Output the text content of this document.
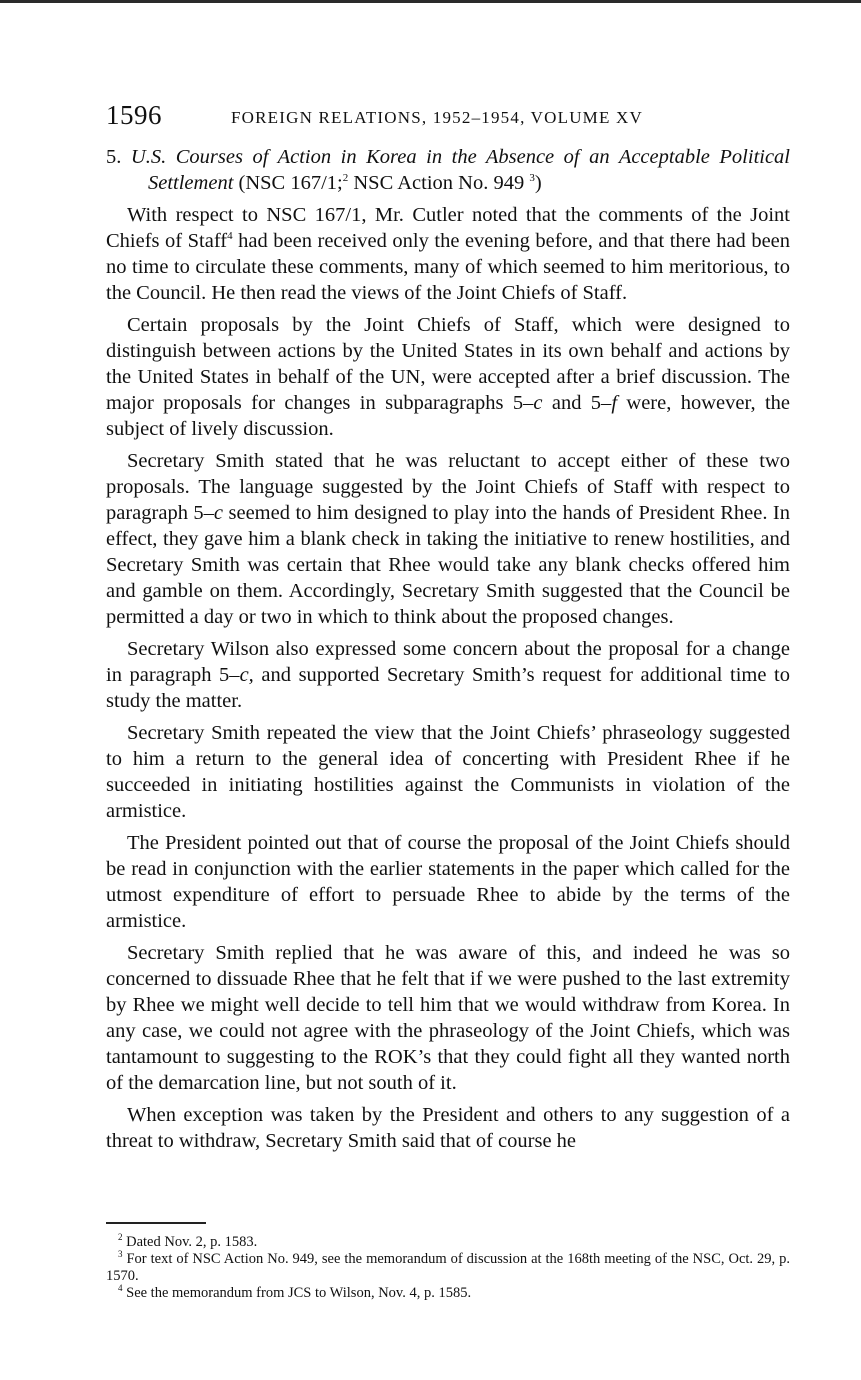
1596	FOREIGN RELATIONS, 1952–1954, VOLUME XV
5. U.S. Courses of Action in Korea in the Absence of an Acceptable Political Settlement (NSC 167/1;$^2$ NSC Action No. 949 $^3$)

With respect to NSC 167/1, Mr. Cutler noted that the comments of the Joint Chiefs of Staff$^4$ had been received only the evening before, and that there had been no time to circulate these comments, many of which seemed to him meritorious, to the Council. He then read the views of the Joint Chiefs of Staff.

Certain proposals by the Joint Chiefs of Staff, which were designed to distinguish between actions by the United States in its own behalf and actions by the United States in behalf of the UN, were accepted after a brief discussion. The major proposals for changes in subparagraphs 5–c and 5–f were, however, the subject of lively discussion.

Secretary Smith stated that he was reluctant to accept either of these two proposals. The language suggested by the Joint Chiefs of Staff with respect to paragraph 5–c seemed to him designed to play into the hands of President Rhee. In effect, they gave him a blank check in taking the initiative to renew hostilities, and Secretary Smith was certain that Rhee would take any blank checks offered him and gamble on them. Accordingly, Secretary Smith suggested that the Council be permitted a day or two in which to think about the proposed changes.

Secretary Wilson also expressed some concern about the proposal for a change in paragraph 5–c, and supported Secretary Smith’s request for additional time to study the matter.

Secretary Smith repeated the view that the Joint Chiefs’ phraseology suggested to him a return to the general idea of concerting with President Rhee if he succeeded in initiating hostilities against the Communists in violation of the armistice.

The President pointed out that of course the proposal of the Joint Chiefs should be read in conjunction with the earlier statements in the paper which called for the utmost expenditure of effort to persuade Rhee to abide by the terms of the armistice.

Secretary Smith replied that he was aware of this, and indeed he was so concerned to dissuade Rhee that he felt that if we were pushed to the last extremity by Rhee we might well decide to tell him that we would withdraw from Korea. In any case, we could not agree with the phraseology of the Joint Chiefs, which was tantamount to suggesting to the ROK’s that they could fight all they wanted north of the demarcation line, but not south of it.

When exception was taken by the President and others to any suggestion of a threat to withdraw, Secretary Smith said that of course he

$^2$ Dated Nov. 2, p. 1583.

$^3$ For text of NSC Action No. 949, see the memorandum of discussion at the 168th meeting of the NSC, Oct. 29, p. 1570.

$^4$ See the memorandum from JCS to Wilson, Nov. 4, p. 1585.
